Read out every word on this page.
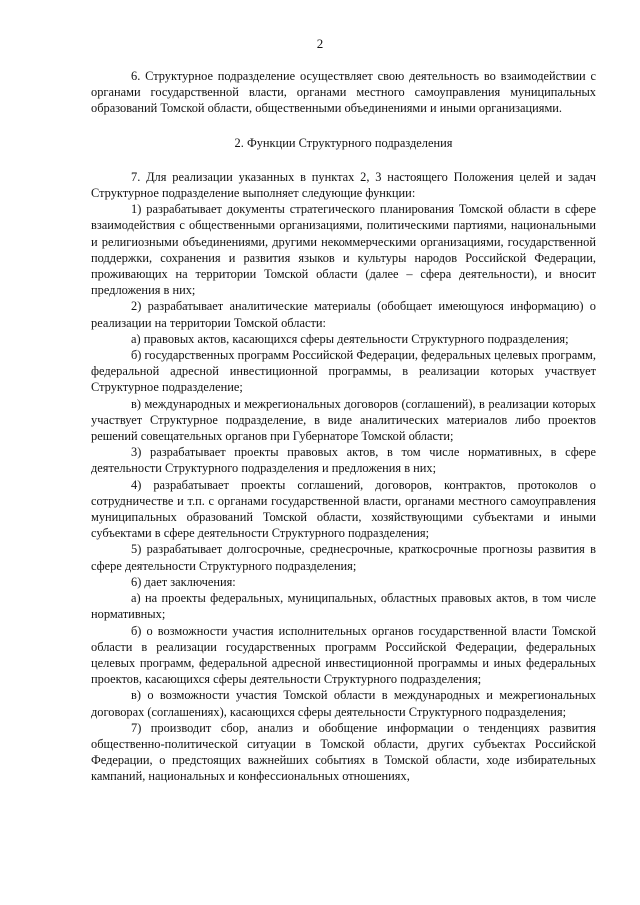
2

6. Структурное подразделение осуществляет свою деятельность во взаимодействии с органами государственной власти, органами местного самоуправления муниципальных образований Томской области, общественными объединениями и иными организациями.

2. Функции Структурного подразделения

7. Для реализации указанных в пунктах 2, 3 настоящего Положения целей и задач Структурное подразделение выполняет следующие функции:

1) разрабатывает документы стратегического планирования Томской области в сфере взаимодействия с общественными организациями, политическими партиями, национальными и религиозными объединениями, другими некоммерческими организациями, государственной поддержки, сохранения и развития языков и культуры народов Российской Федерации, проживающих на территории Томской области (далее – сфера деятельности), и вносит предложения в них;

2) разрабатывает аналитические материалы (обобщает имеющуюся информацию) о реализации на территории Томской области:

а) правовых актов, касающихся сферы деятельности Структурного подразделения;

б) государственных программ Российской Федерации, федеральных целевых программ, федеральной адресной инвестиционной программы, в реализации которых участвует Структурное подразделение;

в) международных и межрегиональных договоров (соглашений), в реализации которых участвует Структурное подразделение, в виде аналитических материалов либо проектов решений совещательных органов при Губернаторе Томской области;

3) разрабатывает проекты правовых актов, в том числе нормативных, в сфере деятельности Структурного подразделения и предложения в них;

4) разрабатывает проекты соглашений, договоров, контрактов, протоколов о сотрудничестве и т.п. с органами государственной власти, органами местного самоуправления муниципальных образований Томской области, хозяйствующими субъектами и иными субъектами в сфере деятельности Структурного подразделения;

5) разрабатывает долгосрочные, среднесрочные, краткосрочные прогнозы развития в сфере деятельности Структурного подразделения;

6) дает заключения:

а) на проекты федеральных, муниципальных, областных правовых актов, в том числе нормативных;

б) о возможности участия исполнительных органов государственной власти Томской области в реализации государственных программ Российской Федерации, федеральных целевых программ, федеральной адресной инвестиционной программы и иных федеральных проектов, касающихся сферы деятельности Структурного подразделения;

в) о возможности участия Томской области в международных и межрегиональных договорах (соглашениях), касающихся сферы деятельности Структурного подразделения;

7) производит сбор, анализ и обобщение информации о тенденциях развития общественно-политической ситуации в Томской области, других субъектах Российской Федерации, о предстоящих важнейших событиях в Томской области, ходе избирательных кампаний, национальных и конфессиональных отношениях,
